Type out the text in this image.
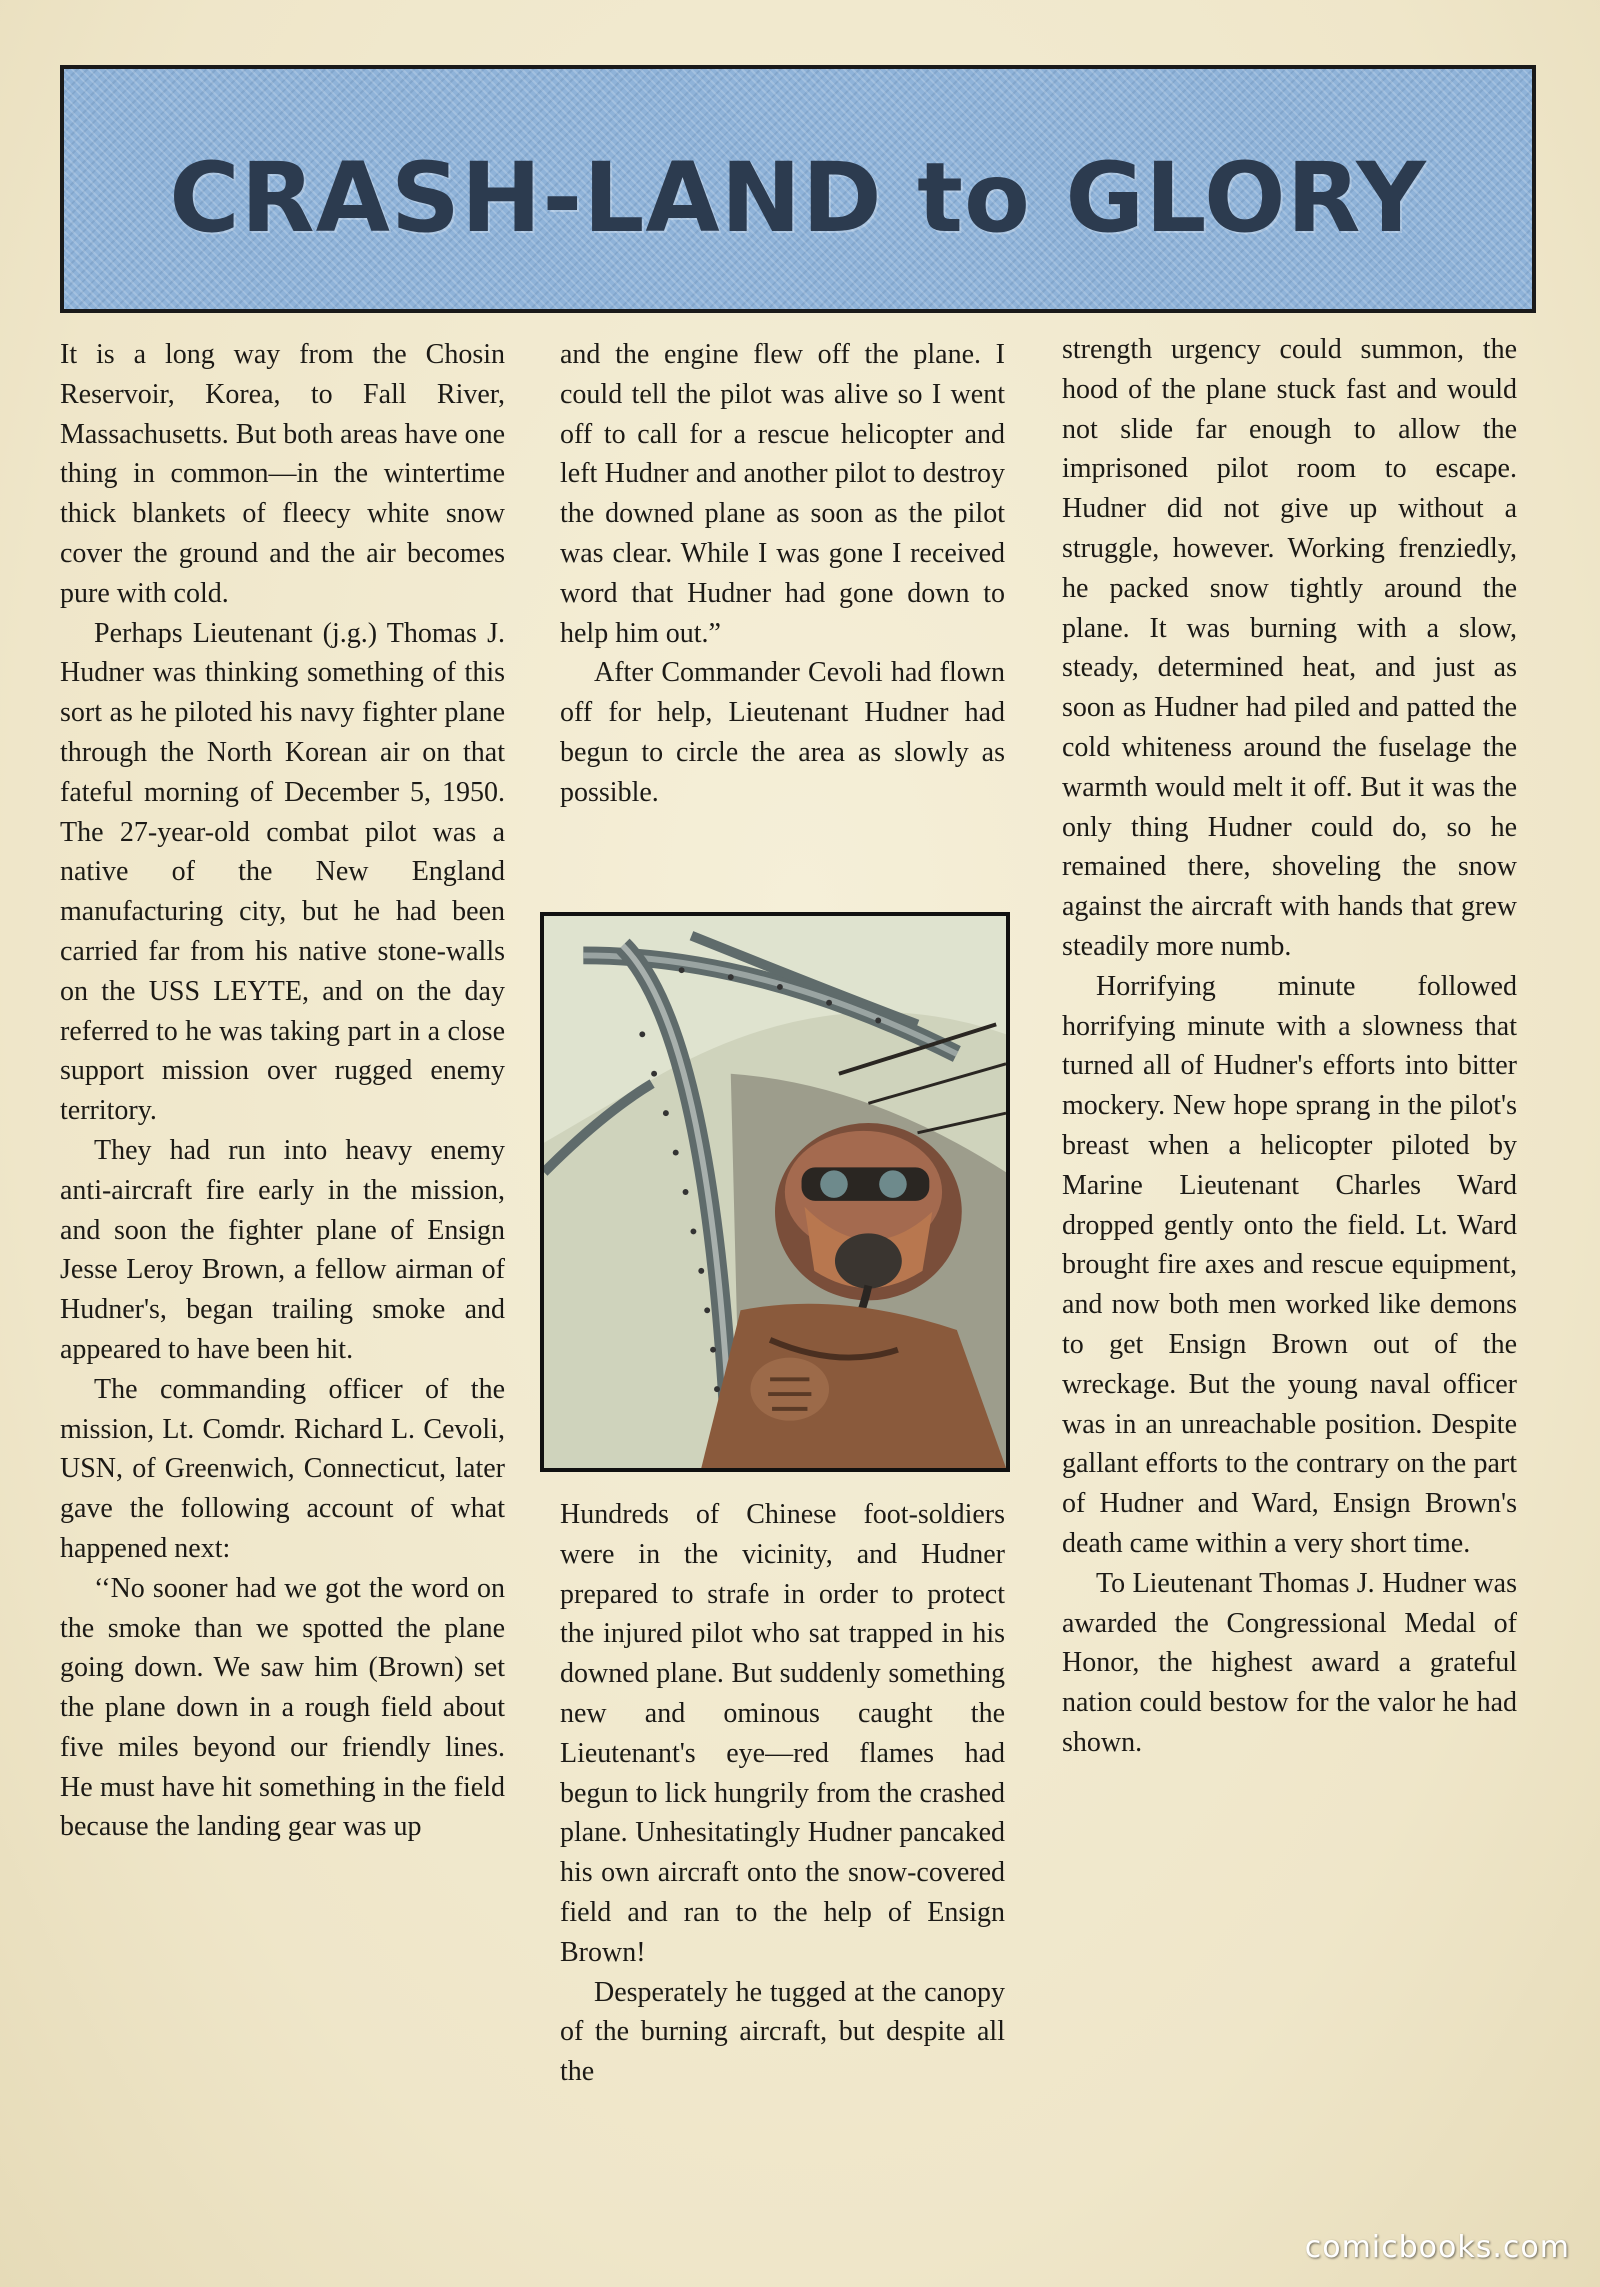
CRASH-LAND to GLORY

It is a long way from the Chosin Reservoir, Korea, to Fall River, Massachusetts. But both areas have one thing in common—in the wintertime thick blankets of fleecy white snow cover the ground and the air becomes pure with cold.

Perhaps Lieutenant (j.g.) Thomas J. Hudner was thinking something of this sort as he piloted his navy fighter plane through the North Korean air on that fateful morning of December 5, 1950. The 27-year-old combat pilot was a native of the New England manufacturing city, but he had been carried far from his native stone-walls on the USS LEYTE, and on the day referred to he was taking part in a close support mission over rugged enemy territory.

They had run into heavy enemy anti-aircraft fire early in the mission, and soon the fighter plane of Ensign Jesse Leroy Brown, a fellow airman of Hudner's, began trailing smoke and appeared to have been hit.

The commanding officer of the mission, Lt. Comdr. Richard L. Cevoli, USN, of Greenwich, Connecticut, later gave the following account of what happened next:

‘‘No sooner had we got the word on the smoke than we spotted the plane going down. We saw him (Brown) set the plane down in a rough field about five miles beyond our friendly lines. He must have hit something in the field because the landing gear was up

and the engine flew off the plane. I could tell the pilot was alive so I went off to call for a rescue helicopter and left Hudner and another pilot to destroy the downed plane as soon as the pilot was clear. While I was gone I received word that Hudner had gone down to help him out.”

After Commander Cevoli had flown off for help, Lieutenant Hudner had begun to circle the area as slowly as possible.

Hundreds of Chinese foot-soldiers were in the vicinity, and Hudner prepared to strafe in order to protect the injured pilot who sat trapped in his downed plane. But suddenly something new and ominous caught the Lieutenant's eye—red flames had begun to lick hungrily from the crashed plane. Unhesitatingly Hudner pancaked his own aircraft onto the snow-covered field and ran to the help of Ensign Brown!

Desperately he tugged at the canopy of the burning aircraft, but despite all the

strength urgency could summon, the hood of the plane stuck fast and would not slide far enough to allow the imprisoned pilot room to escape. Hudner did not give up without a struggle, however. Working frenziedly, he packed snow tightly around the plane. It was burning with a slow, steady, determined heat, and just as soon as Hudner had piled and patted the cold whiteness around the fuselage the warmth would melt it off. But it was the only thing Hudner could do, so he remained there, shoveling the snow against the aircraft with hands that grew steadily more numb.

Horrifying minute followed horrifying minute with a slowness that turned all of Hudner's efforts into bitter mockery. New hope sprang in the pilot's breast when a helicopter piloted by Marine Lieutenant Charles Ward dropped gently onto the field. Lt. Ward brought fire axes and rescue equipment, and now both men worked like demons to get Ensign Brown out of the wreckage. But the young naval officer was in an unreachable position. Despite gallant efforts to the contrary on the part of Hudner and Ward, Ensign Brown's death came within a very short time.

To Lieutenant Thomas J. Hudner was awarded the Congressional Medal of Honor, the highest award a grateful nation could bestow for the valor he had shown.

comicbooks.com
